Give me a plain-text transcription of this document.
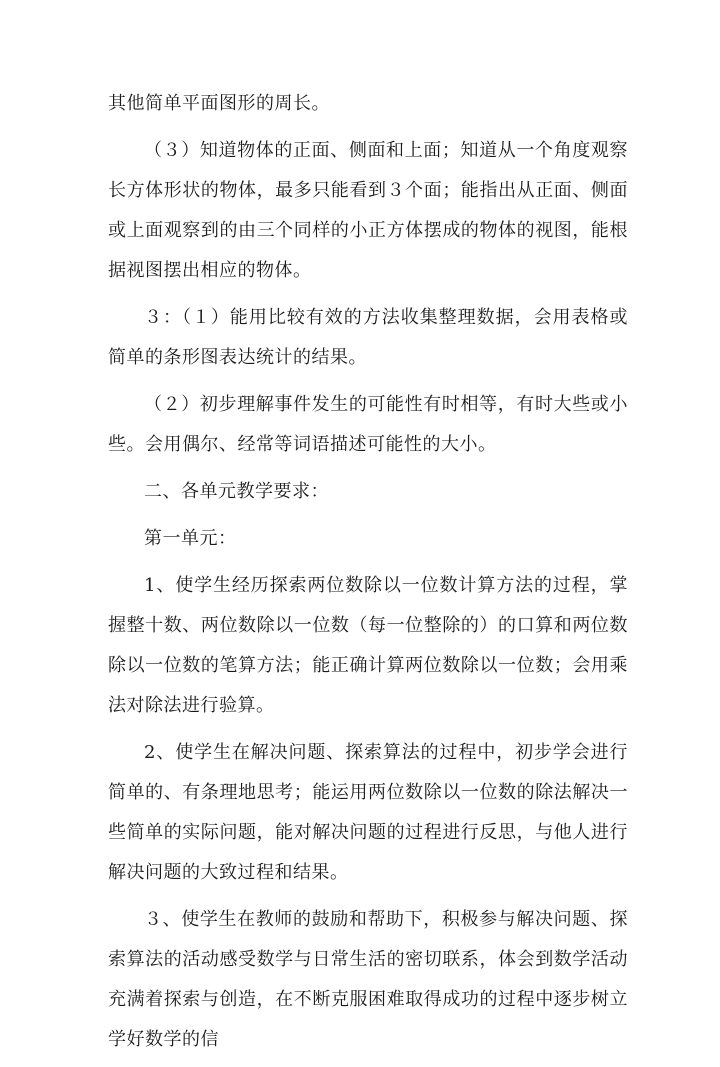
其他简单平面图形的周长。

（３）知道物体的正面、侧面和上面；知道从一个角度观察长方体形状的物体，最多只能看到３个面；能指出从正面、侧面或上面观察到的由三个同样的小正方体摆成的物体的视图，能根据视图摆出相应的物体。

３：（１）能用比较有效的方法收集整理数据，会用表格或简单的条形图表达统计的结果。

（２）初步理解事件发生的可能性有时相等，有时大些或小些。会用偶尔、经常等词语描述可能性的大小。

二、各单元教学要求：

第一单元：

1、使学生经历探索两位数除以一位数计算方法的过程，掌握整十数、两位数除以一位数（每一位整除的）的口算和两位数除以一位数的笔算方法；能正确计算两位数除以一位数；会用乘法对除法进行验算。

2、使学生在解决问题、探索算法的过程中，初步学会进行简单的、有条理地思考；能运用两位数除以一位数的除法解决一些简单的实际问题，能对解决问题的过程进行反思，与他人进行解决问题的大致过程和结果。

３、使学生在教师的鼓励和帮助下，积极参与解决问题、探索算法的活动感受数学与日常生活的密切联系，体会到数学活动充满着探索与创造，在不断克服困难取得成功的过程中逐步树立学好数学的信
